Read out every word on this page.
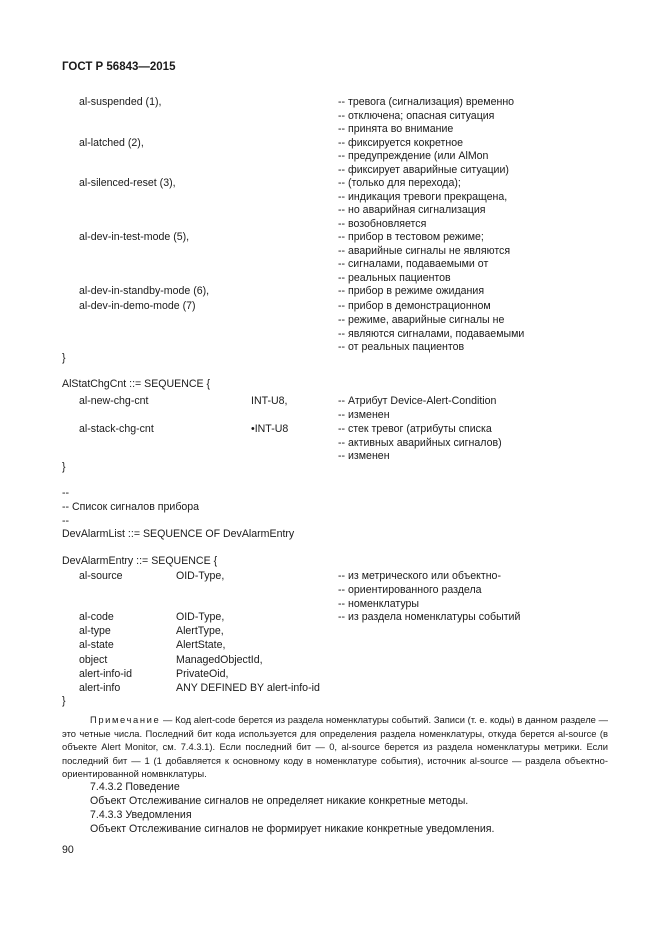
ГОСТ Р 56843—2015
al-suspended (1),	-- тревога (сигнализация) временно
-- отключена; опасная ситуация
-- принята во внимание
al-latched (2),	-- фиксируется кокретное
-- предупреждение (или AlMon
-- фиксирует аварийные ситуации)
al-silenced-reset (3),	-- (только для перехода);
-- индикация тревоги прекращена,
-- но аварийная сигнализация
-- возобновляется
al-dev-in-test-mode (5),	-- прибор в тестовом режиме;
-- аварийные сигналы не являются
-- сигналами, подаваемыми от
-- реальных пациентов
al-dev-in-standby-mode (6),	-- прибор в режиме ожидания
al-dev-in-demo-mode (7)	-- прибор в демонстрационном
-- режиме, аварийные сигналы не
-- являются сигналами, подаваемыми
-- от реальных пациентов
}
AlStatChgCnt ::= SEQUENCE {
al-new-chg-cnt	INT-U8,	-- Атрибут Device-Alert-Condition
-- изменен
al-stack-chg-cnt	•INT-U8	-- стек тревог (атрибуты списка
-- активных аварийных сигналов)
-- изменен
}
--
-- Список сигналов прибора
--
DevAlarmList ::= SEQUENCE OF DevAlarmEntry
DevAlarmEntry ::= SEQUENCE {
al-source	OID-Type,	-- из метрического или объектно-
-- ориентированного раздела
-- номенклатуры
al-code	OID-Type,	-- из раздела номенклатуры событий
al-type	AlertType,
al-state	AlertState,
object	ManagedObjectId,
alert-info-id	PrivateOid,
alert-info	ANY DEFINED BY alert-info-id
}
Примечание — Код alert-code берется из раздела номенклатуры событий. Записи (т. е. коды) в данном разделе — это четные числа. Последний бит кода используется для определения раздела номенклатуры, откуда берется al-source (в объекте Alert Monitor, см. 7.4.3.1). Если последний бит — 0, al-source берется из раздела номенклатуры метрики. Если последний бит — 1 (1 добавляется к основному коду в номенклатуре события), источник al-source — раздела объектно-ориентированной номвнклатуры.
7.4.3.2 Поведение
Объект Отслеживание сигналов не определяет никакие конкретные методы.
7.4.3.3 Уведомления
Объект Отслеживание сигналов не формирует никакие конкретные уведомления.
90
